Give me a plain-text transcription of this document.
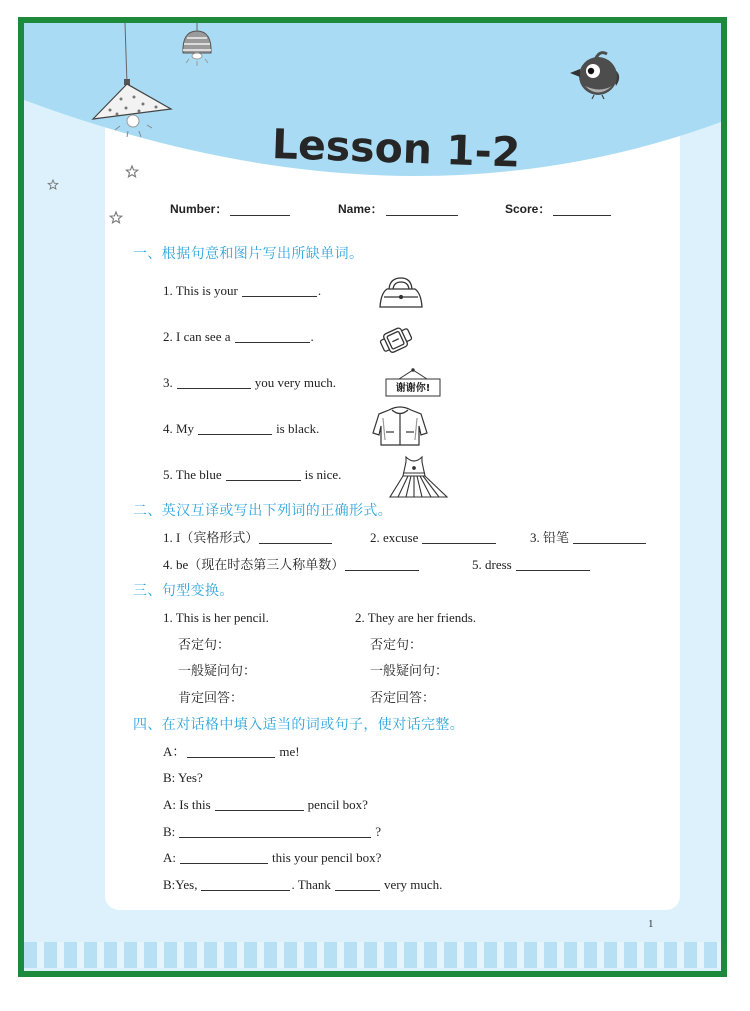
谢谢你!
Lesson 1-2
Number：	Name：	Score：
一、根据句意和图片写出所缺单词。
1. This is your	.
2. I can see a	.
3.	you very much.
4. My	is black.
5. The blue	is nice.
二、英汉互译或写出下列词的正确形式。
1. I（宾格形式）	2. excuse	3. 铅笔
4. be（现在时态第三人称单数）	5. dress
三、句型变换。
1. This is her pencil.	2. They are her friends.
否定句：	否定句：
一般疑问句：	一般疑问句：
肯定回答：	否定回答：
四、在对话格中填入适当的词或句子，使对话完整。
A：	me!
B: Yes?
A: Is this	pencil box?
B:	?
A:	this your pencil box?
B:Yes,	. Thank	very much.
1
